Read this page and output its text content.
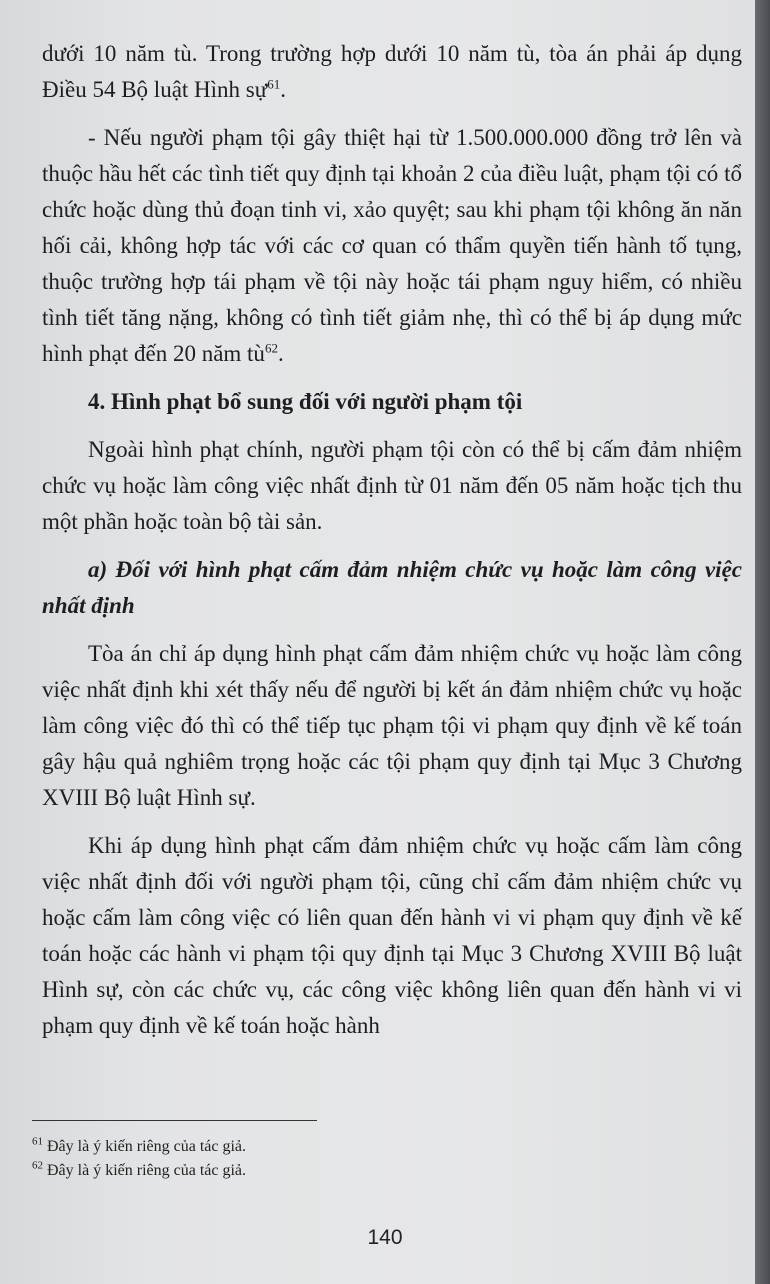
dưới 10 năm tù. Trong trường hợp dưới 10 năm tù, tòa án phải áp dụng Điều 54 Bộ luật Hình sự$^{61}$.

- Nếu người phạm tội gây thiệt hại từ 1.500.000.000 đồng trở lên và thuộc hầu hết các tình tiết quy định tại khoản 2 của điều luật, phạm tội có tổ chức hoặc dùng thủ đoạn tinh vi, xảo quyệt; sau khi phạm tội không ăn năn hối cải, không hợp tác với các cơ quan có thẩm quyền tiến hành tố tụng, thuộc trường hợp tái phạm về tội này hoặc tái phạm nguy hiểm, có nhiều tình tiết tăng nặng, không có tình tiết giảm nhẹ, thì có thể bị áp dụng mức hình phạt đến 20 năm $tù^{62}$.

4. Hình phạt bổ sung đối với người phạm tội

Ngoài hình phạt chính, người phạm tội còn có thể bị cấm đảm nhiệm chức vụ hoặc làm công việc nhất định từ 01 năm đến 05 năm hoặc tịch thu một phần hoặc toàn bộ tài sản.

a) Đối với hình phạt cấm đảm nhiệm chức vụ hoặc làm công việc nhất định

Tòa án chỉ áp dụng hình phạt cấm đảm nhiệm chức vụ hoặc làm công việc nhất định khi xét thấy nếu để người bị kết án đảm nhiệm chức vụ hoặc làm công việc đó thì có thể tiếp tục phạm tội vi phạm quy định về kế toán gây hậu quả nghiêm trọng hoặc các tội phạm quy định tại Mục 3 Chương XVIII Bộ luật Hình sự.

Khi áp dụng hình phạt cấm đảm nhiệm chức vụ hoặc cấm làm công việc nhất định đối với người phạm tội, cũng chỉ cấm đảm nhiệm chức vụ hoặc cấm làm công việc có liên quan đến hành vi vi phạm quy định về kế toán hoặc các hành vi phạm tội quy định tại Mục 3 Chương XVIII Bộ luật Hình sự, còn các chức vụ, các công việc không liên quan đến hành vi vi phạm quy định về kế toán hoặc hành

$^{61}$ Đây là ý kiến riêng của tác giả.

$^{62}$ Đây là ý kiến riêng của tác giả.

140
